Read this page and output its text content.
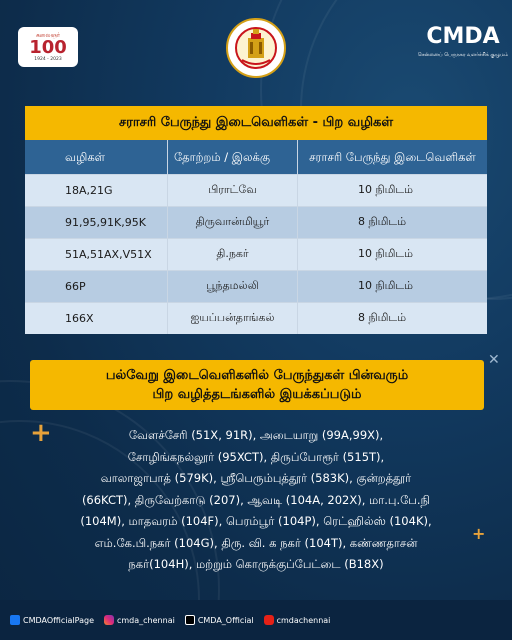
கலைஞர்
100
1924 - 2023
CMDA
சென்னைப் பெருநகர வளர்ச்சிக் குழுமம்
சராசரி பேருந்து இடைவெளிகள் - பிற வழிகள்
வழிகள்	தோற்றம் / இலக்கு	சராசரி பேருந்து இடைவெளிகள்
18A,21G	பிராட்வே	10 நிமிடம்
91,95,91K,95K	திருவான்மியூர்	8 நிமிடம்
51A,51AX,V51X	தி.நகர்	10 நிமிடம்
66P	பூந்தமல்லி	10 நிமிடம்
166X	ஐயப்பன்தாங்கல்	8 நிமிடம்
✕
+
+
பல்வேறு இடைவெளிகளில் பேருந்துகள் பின்வரும்
பிற வழித்தடங்களில் இயக்கப்படும்
வேளச்சேரி (51X, 91R), அடையாறு (99A,99X),
சோழிங்கநல்லூர் (95XCT), திருப்போரூர் (515T),
வாலாஜாபாத் (579K), ஸ்ரீபெரும்புத்தூர் (583K), குன்றத்தூர்
(66KCT), திருவேற்காடு (207), ஆவடி (104A, 202X), மா.பு.பே.நி
(104M), மாதவரம் (104F), பெரம்பூர் (104P), ரெட்ஹில்ஸ் (104K),
எம்.கே.பி.நகர் (104G), திரு. வி. க நகர் (104T), கண்ணதாசன்
நகர்(104H), மற்றும் கொருக்குப்பேட்டை (B18X)
CMDAOfficialPage	cmda_chennai	CMDA_Official	cmdachennai
